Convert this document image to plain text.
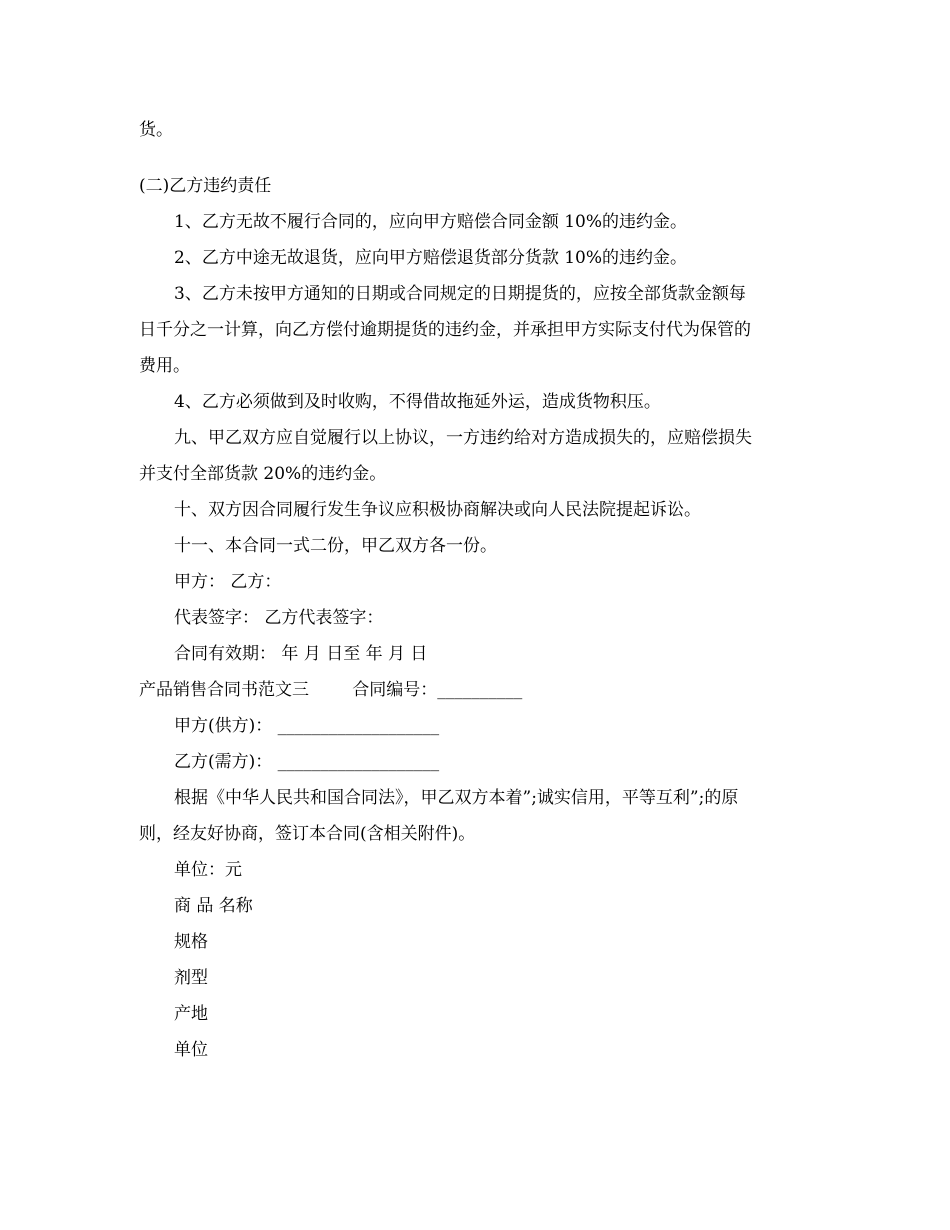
货。
(二)乙方违约责任
1、乙方无故不履行合同的，应向甲方赔偿合同金额 10%的违约金。
2、乙方中途无故退货，应向甲方赔偿退货部分货款 10%的违约金。
3、乙方未按甲方通知的日期或合同规定的日期提货的，应按全部货款金额每
日千分之一计算，向乙方偿付逾期提货的违约金，并承担甲方实际支付代为保管的
费用。
4、乙方必须做到及时收购，不得借故拖延外运，造成货物积压。
九、甲乙双方应自觉履行以上协议，一方违约给对方造成损失的，应赔偿损失
并支付全部货款 20%的违约金。
十、双方因合同履行发生争议应积极协商解决或向人民法院提起诉讼。
十一、本合同一式二份，甲乙双方各一份。
甲方： 乙方：
代表签字： 乙方代表签字：
合同有效期： 年 月 日至 年 月 日
产品销售合同书范文三        合同编号：__________
甲方(供方)： ___________________
乙方(需方)： ___________________
根据《中华人民共和国合同法》，甲乙双方本着”;诚实信用，平等互利”;的原
则，经友好协商，签订本合同(含相关附件)。
单位：元
商 品 名称
规格
剂型
产地
单位
